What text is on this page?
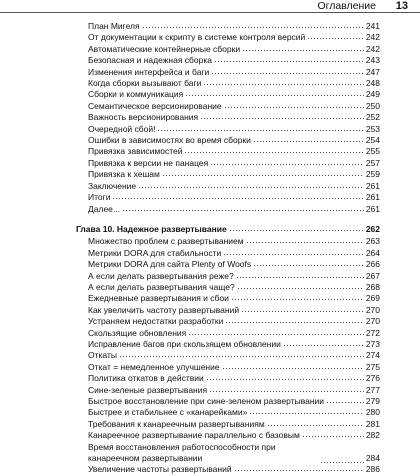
Оглавление 13
План Мигеля	241
От документации к скрипту в системе контроля версий	242
Автоматические контейнерные сборки	242
Безопасная и надежная сборка	243
Изменения интерфейса и баги	247
Когда сборки вызывают баги	248
Сборки и коммуникация	249
Семантическое версионирование	250
Важность версионирования	252
Очередной сбой!	253
Ошибки в зависимостях во время сборки	254
Привязка зависимостей	255
Привязка к версии не панацея	257
Привязка к хешам	259
Заключение	261
Итоги	261
Далее...	261
Глава 10. Надежное развертывание	262
Множество проблем с развертыванием	263
Метрики DORA для стабильности	264
Метрики DORA для сайта Plenty of Woofs	266
А если делать развертывания реже?	267
А если делать развертывания чаще?	268
Ежедневные развертывания и сбои	269
Как увеличить частоту развертываний	270
Устраняем недостатки разработки	270
Скользящие обновления	272
Исправление багов при скользящем обновлении	273
Откаты	274
Откат = немедленное улучшение	275
Политика откатов в действии	276
Сине-зеленые развертывания	277
Быстрое восстановление при сине-зеленом развертывании	279
Быстрее и стабильнее с «канарейками»	280
Требования к канареечным развертываниям	281
Канареечное развертывание параллельно с базовым	282
Время восстановления работоспособности при канареечном развертывании	284
Увеличение частоты развертываний	286
